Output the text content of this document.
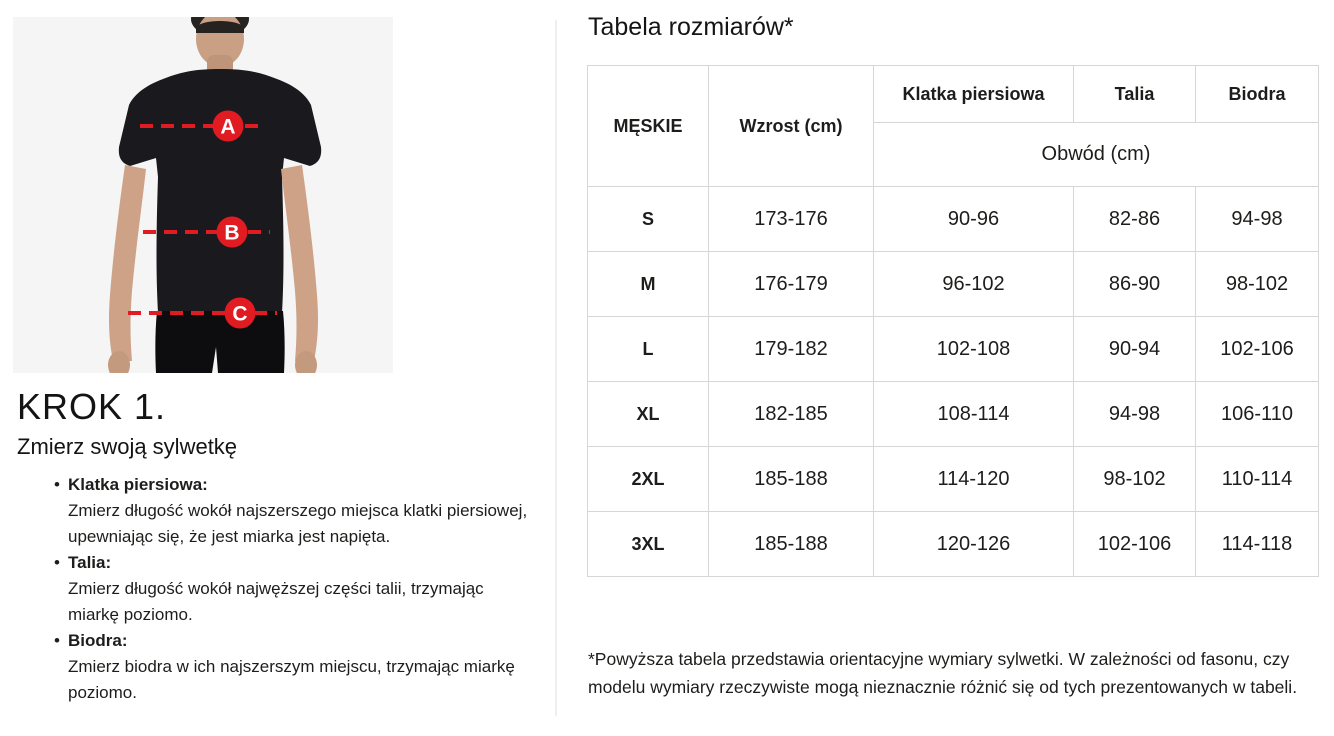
A
B
C
KROK 1.
Zmierz swoją sylwetkę
• Klatka piersiowa:
Zmierz długość wokół najszerszego miejsca klatki piersiowej, upewniając się, że jest miarka jest napięta.
• Talia:
Zmierz długość wokół najwęższej części talii, trzymając miarkę poziomo.
• Biodra:
Zmierz biodra w ich najszerszym miejscu, trzymając miarkę poziomo.
Tabela rozmiarów*
MĘSKIE	Wzrost (cm)	Klatka piersiowa	Talia	Biodra
		Obwód (cm)		
S	173-176	90-96	82-86	94-98
M	176-179	96-102	86-90	98-102
L	179-182	102-108	90-94	102-106
XL	182-185	108-114	94-98	106-110
2XL	185-188	114-120	98-102	110-114
3XL	185-188	120-126	102-106	114-118
*Powyższa tabela przedstawia orientacyjne wymiary sylwetki. W zależności od fasonu, czy modelu wymiary rzeczywiste mogą nieznacznie różnić się od tych prezentowanych w tabeli.
